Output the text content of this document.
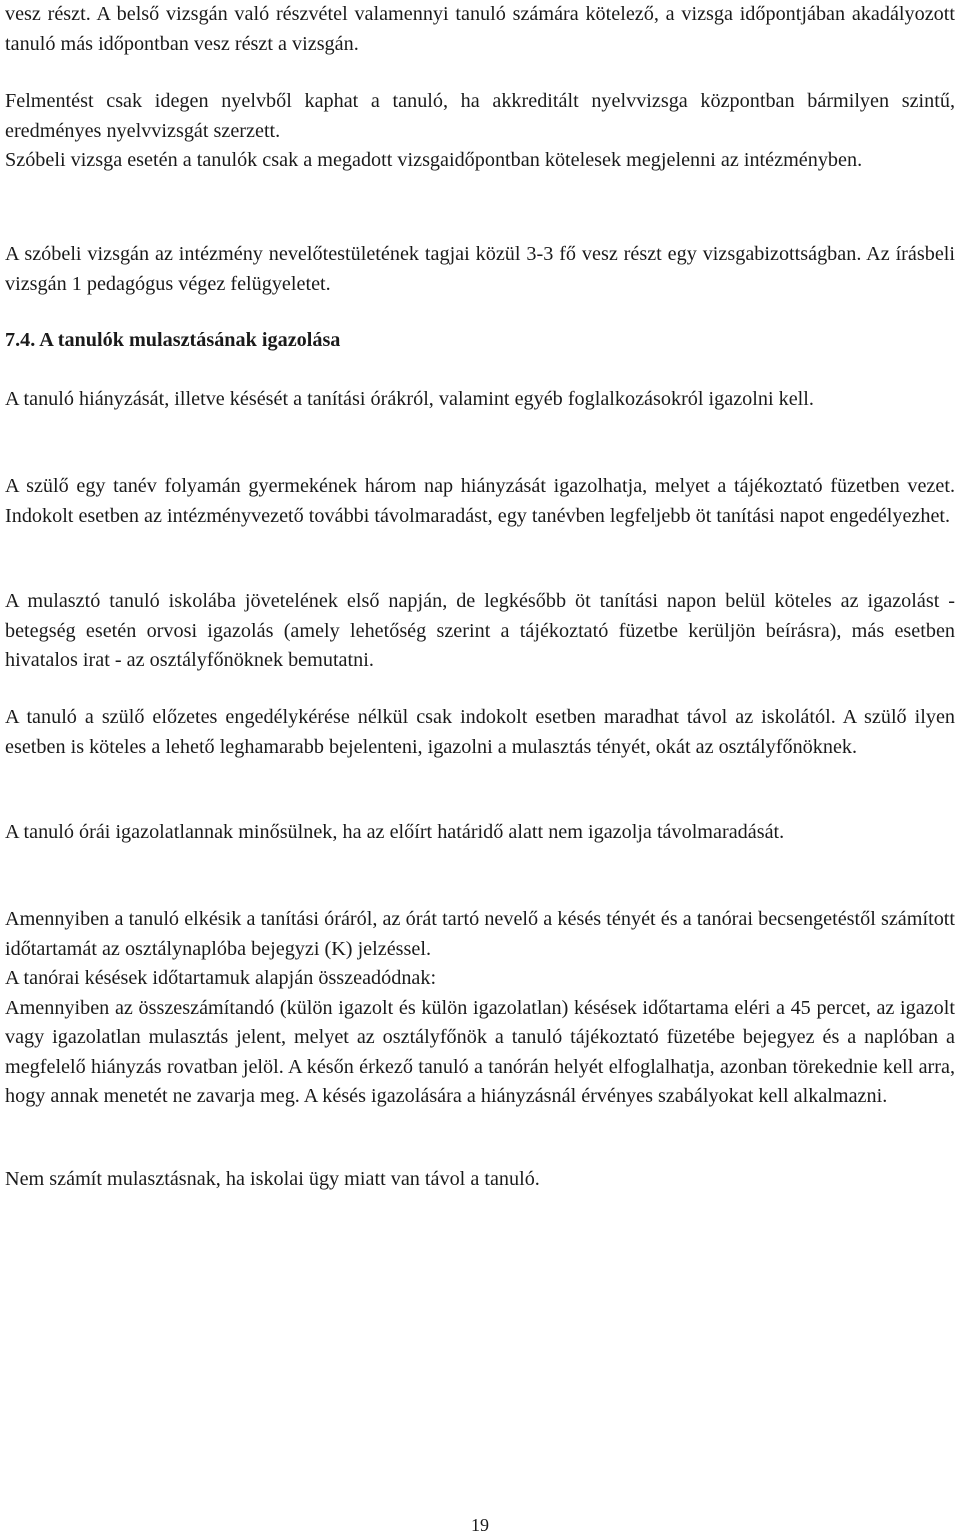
vesz részt. A belső vizsgán való részvétel valamennyi tanuló számára kötelező, a vizsga időpontjában akadályozott tanuló más időpontban vesz részt a vizsgán.

Felmentést csak idegen nyelvből kaphat a tanuló, ha akkreditált nyelvvizsga központban bármilyen szintű, eredményes nyelvvizsgát szerzett.

Szóbeli vizsga esetén a tanulók csak a megadott vizsgaidőpontban kötelesek megjelenni az intézményben.

A szóbeli vizsgán az intézmény nevelőtestületének tagjai közül 3-3 fő vesz részt egy vizsgabizottságban. Az írásbeli vizsgán 1 pedagógus végez felügyeletet.

7.4. A tanulók mulasztásának igazolása

A tanuló hiányzását, illetve késését a tanítási órákról, valamint egyéb foglalkozásokról igazolni kell.

A szülő egy tanév folyamán gyermekének három nap hiányzását igazolhatja, melyet a tájékoztató füzetben vezet. Indokolt esetben az intézményvezető további távolmaradást, egy tanévben legfeljebb öt tanítási napot engedélyezhet.

A mulasztó tanuló iskolába jövetelének első napján, de legkésőbb öt tanítási napon belül köteles az igazolást - betegség esetén orvosi igazolás (amely lehetőség szerint a tájékoztató füzetbe kerüljön beírásra), más esetben hivatalos irat - az osztályfőnöknek bemutatni.

A tanuló a szülő előzetes engedélykérése nélkül csak indokolt esetben maradhat távol az iskolától. A szülő ilyen esetben is köteles a lehető leghamarabb bejelenteni, igazolni a mulasztás tényét, okát az osztályfőnöknek.

A tanuló órái igazolatlannak minősülnek, ha az előírt határidő alatt nem igazolja távolmaradását.

Amennyiben a tanuló elkésik a tanítási óráról, az órát tartó nevelő a késés tényét és a tanórai becsengetéstől számított időtartamát az osztálynaplóba bejegyzi (K) jelzéssel.

A tanórai késések időtartamuk alapján összeadódnak:

Amennyiben az összeszámítandó (külön igazolt és külön igazolatlan) késések időtartama eléri a 45 percet, az igazolt vagy igazolatlan mulasztás jelent, melyet az osztályfőnök a tanuló tájékoztató füzetébe bejegyez és a naplóban a megfelelő hiányzás rovatban jelöl. A későn érkező tanuló a tanórán helyét elfoglalhatja, azonban törekednie kell arra, hogy annak menetét ne zavarja meg. A késés igazolására a hiányzásnál érvényes szabályokat kell alkalmazni.

Nem számít mulasztásnak, ha iskolai ügy miatt van távol a tanuló.

19
